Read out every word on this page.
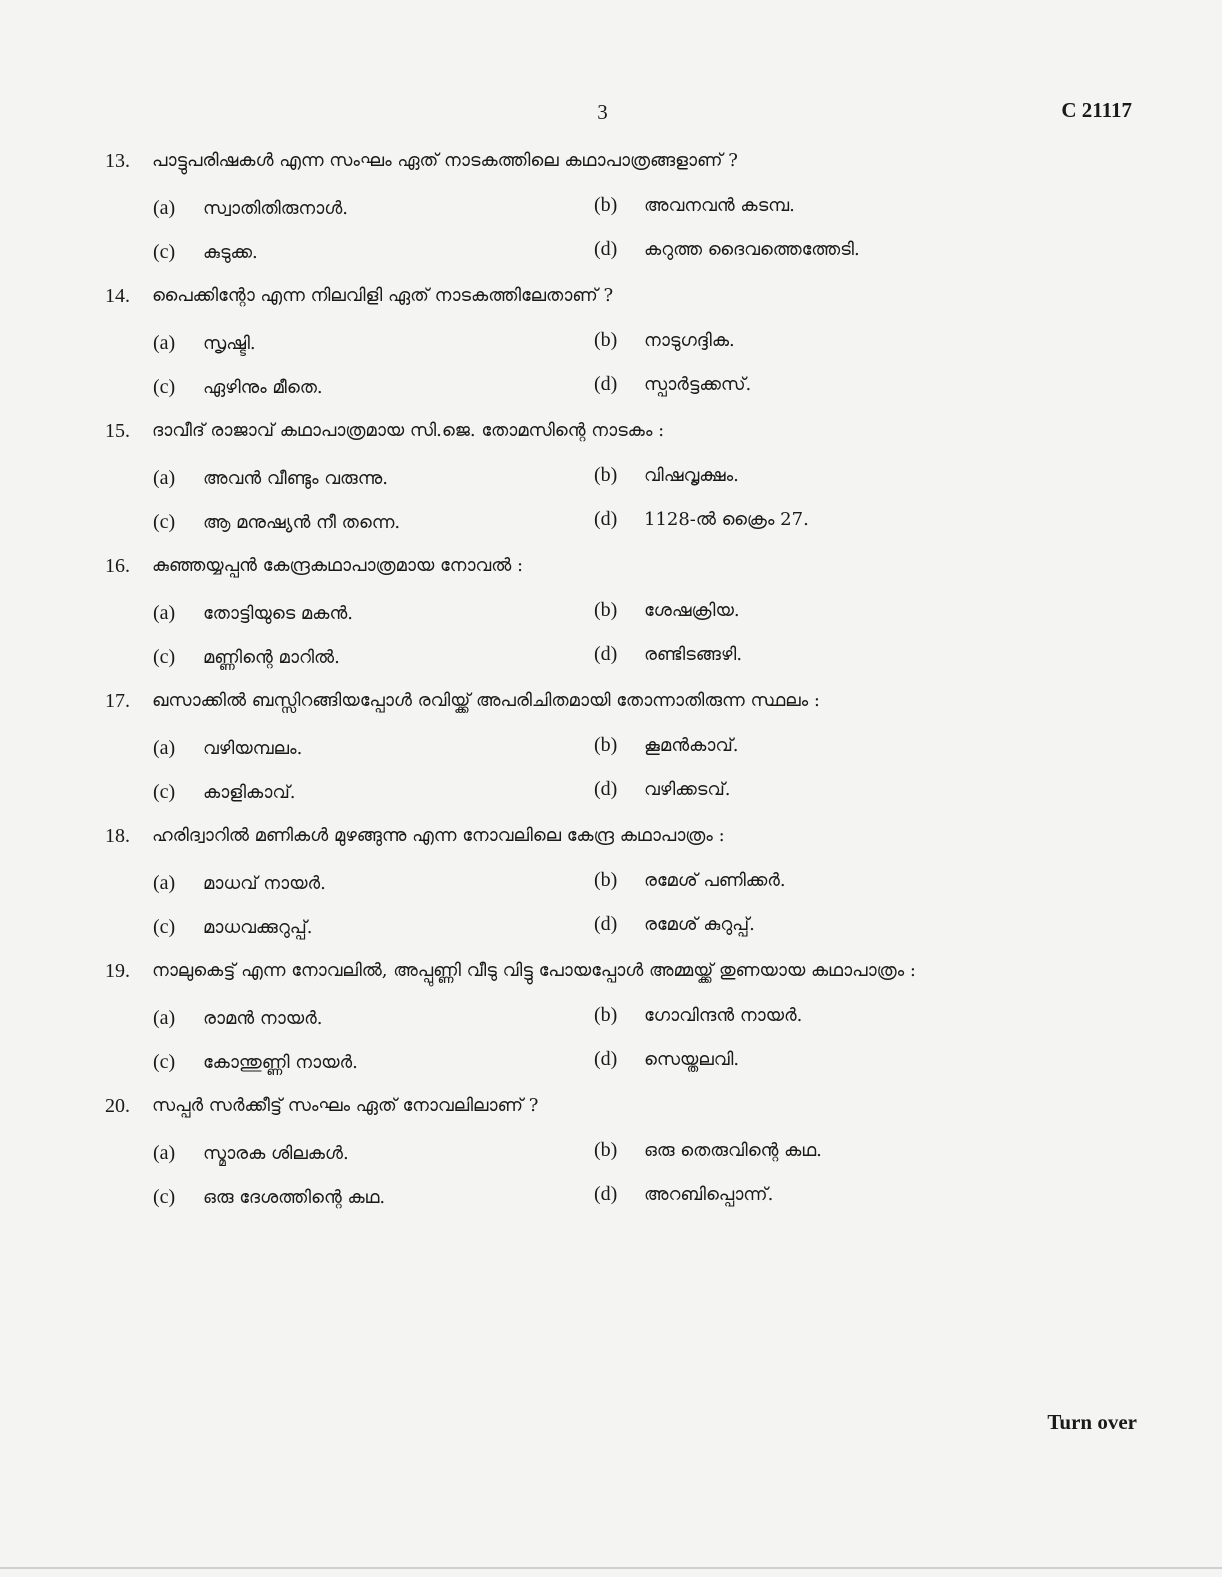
3	C 21117
13.	പാട്ടുപരിഷകൾ എന്ന സംഘം ഏത് നാടകത്തിലെ കഥാപാത്രങ്ങളാണ് ?
(a) സ്വാതിതിരുനാൾ.	(b) അവനവൻ കടമ്പ.
(c) കുടുക്ക.	(d) കറുത്ത ദൈവത്തെത്തേടി.
14.	പൈക്കിന്റോ എന്ന നിലവിളി ഏത് നാടകത്തിലേതാണ് ?
(a) സൃഷ്ടി.	(b) നാടുഗദ്ദിക.
(c) ഏഴിനും മീതെ.	(d) സ്പാർട്ടക്കസ്.
15.	ദാവീദ് രാജാവ് കഥാപാത്രമായ സി.ജെ. തോമസിന്റെ നാടകം :
(a) അവൻ വീണ്ടും വരുന്നു.	(b) വിഷവൃക്ഷം.
(c) ആ മനുഷ്യൻ നീ തന്നെ.	(d) 1128-ൽ ക്രൈം 27.
16.	കുഞ്ഞയ്യപ്പൻ കേന്ദ്രകഥാപാത്രമായ നോവൽ :
(a) തോട്ടിയുടെ മകൻ.	(b) ശേഷക്രിയ.
(c) മണ്ണിന്റെ മാറിൽ.	(d) രണ്ടിടങ്ങഴി.
17.	ഖസാക്കിൽ ബസ്സിറങ്ങിയപ്പോൾ രവിയ്ക്ക് അപരിചിതമായി തോന്നാതിരുന്ന സ്ഥലം :
(a) വഴിയമ്പലം.	(b) കൂമൻകാവ്.
(c) കാളികാവ്.	(d) വഴിക്കടവ്.
18.	ഹരിദ്വാറിൽ മണികൾ മുഴങ്ങുന്നു എന്ന നോവലിലെ കേന്ദ്ര കഥാപാത്രം :
(a) മാധവ് നായർ.	(b) രമേശ് പണിക്കർ.
(c) മാധവക്കുറുപ്പ്.	(d) രമേശ് കുറുപ്പ്.
19.	നാലുകെട്ട് എന്ന നോവലിൽ, അപ്പുണ്ണി വീടു വിട്ടു പോയപ്പോൾ അമ്മയ്ക്ക് തുണയായ കഥാപാത്രം :
(a) രാമൻ നായർ.	(b) ഗോവിന്ദൻ നായർ.
(c) കോന്തുണ്ണി നായർ.	(d) സെയ്തലവി.
20.	സപ്പർ സർക്കീട്ട് സംഘം ഏത് നോവലിലാണ് ?
(a) സ്മാരക ശിലകൾ.	(b) ഒരു തെരുവിന്റെ കഥ.
(c) ഒരു ദേശത്തിന്റെ കഥ.	(d) അറബിപ്പൊന്ന്.
Turn over
